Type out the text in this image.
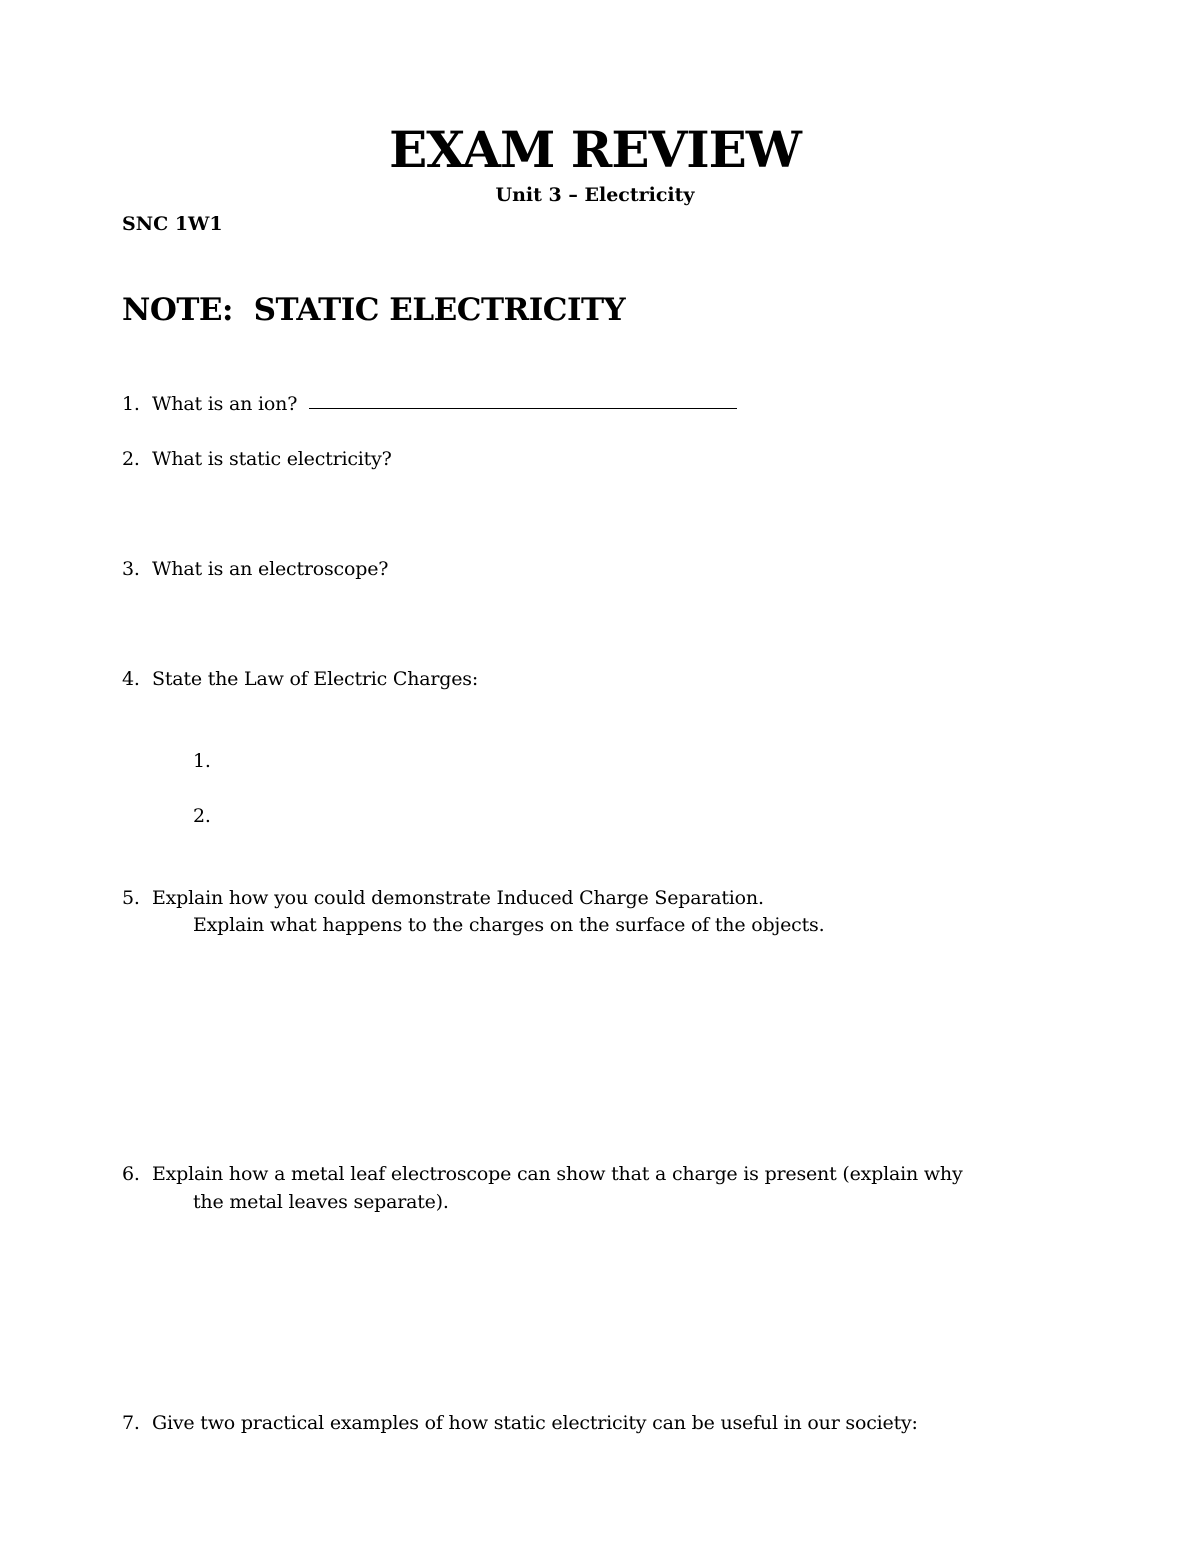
EXAM REVIEW
Unit 3 – Electricity
SNC 1W1
NOTE:  STATIC ELECTRICITY
1. What is an ion?
2. What is static electricity?
3. What is an electroscope?
4. State the Law of Electric Charges:
1.
2.
5. Explain how you could demonstrate Induced Charge Separation.
Explain what happens to the charges on the surface of the objects.
6. Explain how a metal leaf electroscope can show that a charge is present (explain why
the metal leaves separate).
7. Give two practical examples of how static electricity can be useful in our society:
